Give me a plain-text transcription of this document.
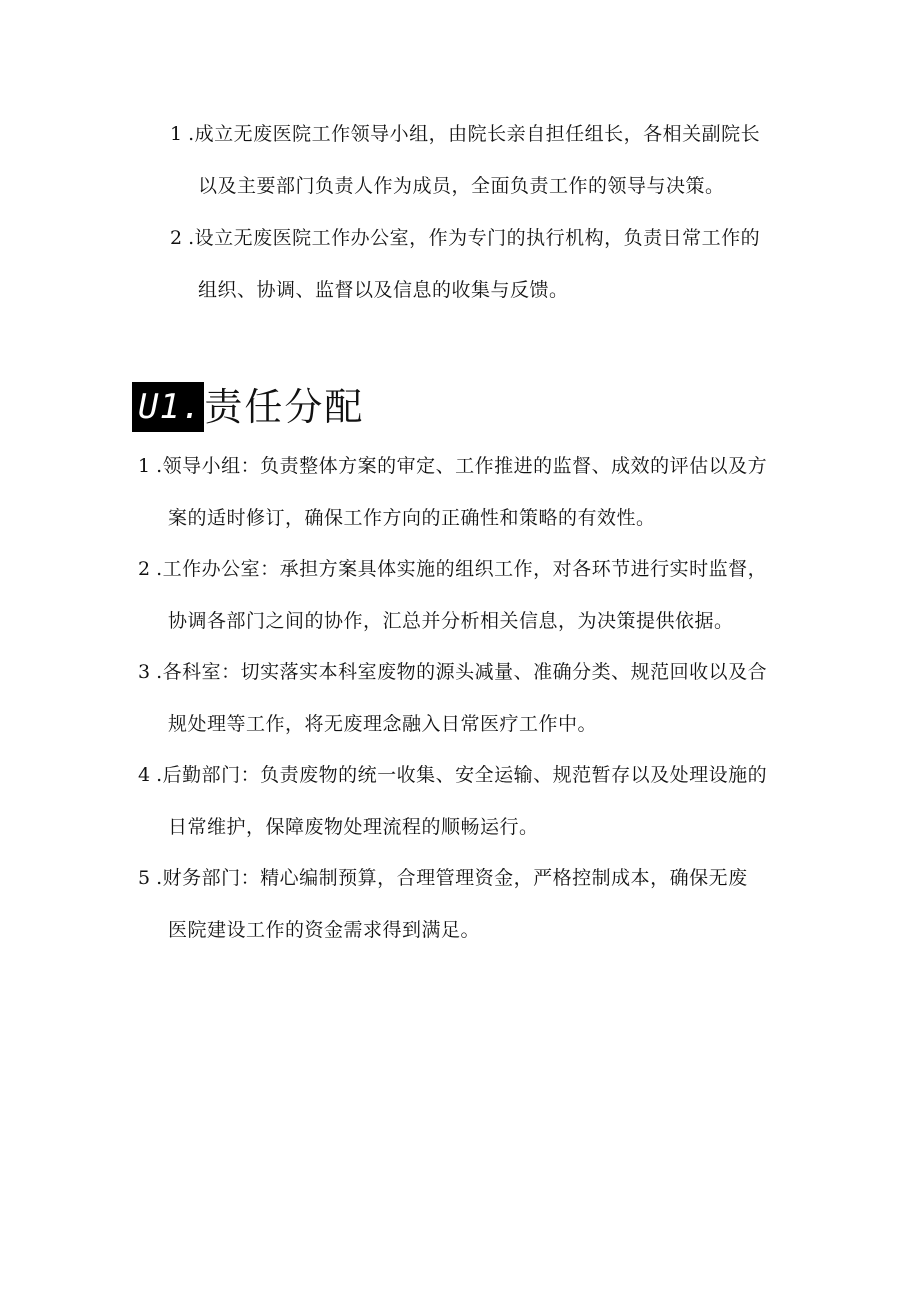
1.成立无废医院工作领导小组，由院长亲自担任组长，各相关副院长
以及主要部门负责人作为成员，全面负责工作的领导与决策。
2.设立无废医院工作办公室，作为专门的执行机构，负责日常工作的
组织、协调、监督以及信息的收集与反馈。
U1. 责任分配
1.领导小组：负责整体方案的审定、工作推进的监督、成效的评估以及方
案的适时修订，确保工作方向的正确性和策略的有效性。
2.工作办公室：承担方案具体实施的组织工作，对各环节进行实时监督，
协调各部门之间的协作，汇总并分析相关信息，为决策提供依据。
3.各科室：切实落实本科室废物的源头减量、准确分类、规范回收以及合
规处理等工作，将无废理念融入日常医疗工作中。
4.后勤部门：负责废物的统一收集、安全运输、规范暂存以及处理设施的
日常维护，保障废物处理流程的顺畅运行。
5.财务部门：精心编制预算，合理管理资金，严格控制成本，确保无废
医院建设工作的资金需求得到满足。
